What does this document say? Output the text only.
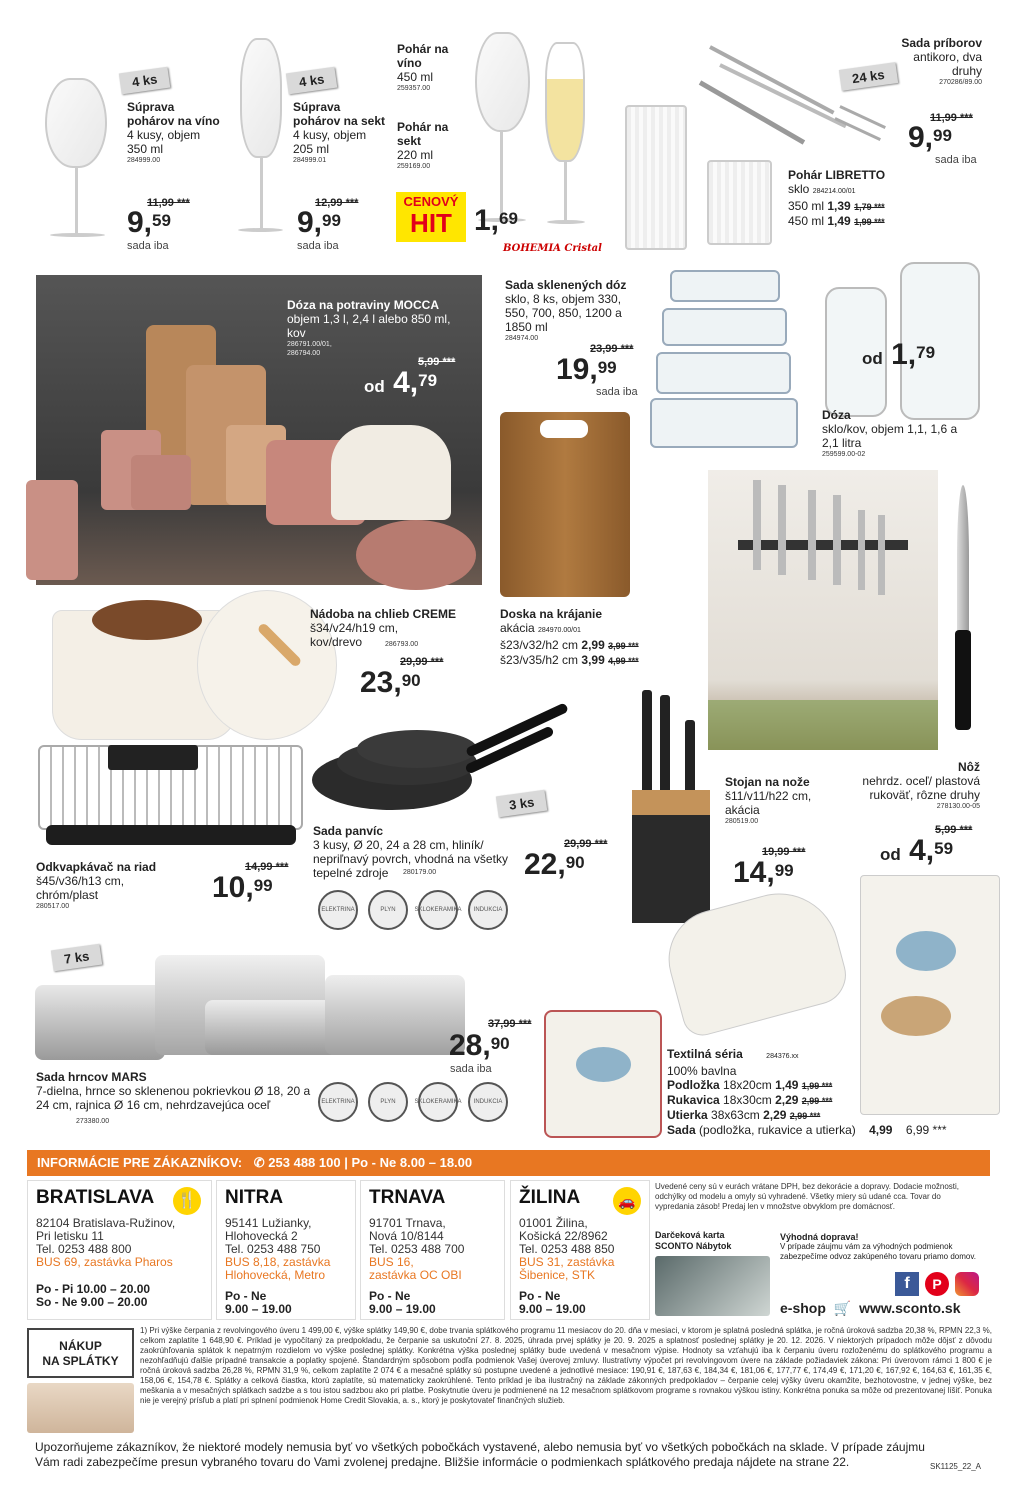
4 ks
Súprava pohárov na víno
4 kusy, objem 350 ml
284999.00
11,99 ***
9,59
sada iba
4 ks
Súprava pohárov na sekt
4 kusy, objem 205 ml
284999.01
12,99 ***
9,99
sada iba
Pohár na víno
450 ml
259357.00
Pohár na sekt
220 ml
259169.00
CENOVÝ
HIT 1,69
BOHEMIA Cristal
24 ks
Sada príborov
antikoro, dva druhy
270286/89.00
11,99 ***
9,99
sada iba
Pohár LIBRETTO
sklo 284214.00/01
350 ml 1,39 1,79 ***
450 ml 1,49 1,99 ***
Dóza na potraviny MOCCA
objem 1,3 l, 2,4 l alebo 850 ml, kov
286791.00/01,
286794.00
5,99 ***
od 4,79
Sada sklenených dóz
sklo, 8 ks, objem 330, 550, 700, 850, 1200 a 1850 ml
284974.00
23,99 ***
19,99
sada iba
od 1,79
Dóza
sklo/kov, objem 1,1, 1,6 a 2,1 litra
259599.00-02
Doska na krájanie
akácia 284970.00/01
š23/v32/h2 cm 2,99 3,99 ***
š23/v35/h2 cm 3,99 4,99 ***
Nôž
nehrdz. oceľ/ plastová rukoväť, rôzne druhy
278130.00-05
5,99 ***
od 4,59
Stojan na nože
š11/v11/h22 cm, akácia
280519.00
19,99 ***
14,99
Nádoba na chlieb CREME
š34/v24/h19 cm, kov/drevo	286793.00
29,99 ***
23,90
Odkvapkávač na riad
š45/v36/h13 cm, chróm/plast
280517.00
14,99 ***
10,99
3 ks
Sada panvíc
3 kusy, Ø 20, 24 a 28 cm, hliník/ nepriľnavý povrch, vhodná na všetky tepelné zdroje	280179.00
29,99 ***
22,90
ELEKTRINA	PLYN	SKLOKERAMIKA	INDUKCIA
7 ks
37,99 ***
28,90
sada iba
Sada hrncov MARS
7-dielna, hrnce so sklenenou pokrievkou Ø 18, 20 a 24 cm, rajnica Ø 16 cm, nehrdzavejúca oceľ
273380.00
ELEKTRINA	PLYN	SKLOKERAMIKA	INDUKCIA
Textilná séria	284376.xx
100% bavlna
Podložka 18x20cm 1,49 1,99 ***
Rukavica 18x30cm 2,29 2,99 ***
Utierka 38x63cm 2,29 2,99 ***
Sada (podložka, rukavice a utierka) 4,99 6,99 ***
INFORMÁCIE PRE ZÁKAZNÍKOV: ✆ 253 488 100 | Po - Ne 8.00 – 18.00
BRATISLAVA	🍴
82104 Bratislava-Ružinov,
Pri letisku 11
Tel. 0253 488 800
BUS 69, zastávka Pharos
Po - Pi 10.00 – 20.00
So - Ne 9.00 – 20.00
NITRA
95141 Lužianky,
Hlohovecká 2
Tel. 0253 488 750
BUS 8,18, zastávka
Hlohovecká, Metro
Po - Ne
9.00 – 19.00
TRNAVA
91701 Trnava,
Nová 10/8144
Tel. 0253 488 700
BUS 16,
zastávka OC OBI
Po - Ne
9.00 – 19.00
ŽILINA	🚗
01001 Žilina,
Košická 22/8962
Tel. 0253 488 850
BUS 31, zastávka
Šibenice, STK
Po - Ne
9.00 – 19.00
Uvedené ceny sú v eurách vrátane DPH, bez dekorácie a dopravy. Dodacie možnosti, odchýlky od modelu a omyly sú vyhradené. Všetky miery sú udané cca. Tovar do vypredania zásob! Predaj len v množstve obvyklom pre domácnosť.
Darčeková karta
SCONTO Nábytok
Výhodná doprava!
V prípade záujmu vám za výhodných podmienok zabezpečíme odvoz zakúpeného tovaru priamo domov.
f	P
e-shop 🛒 www.sconto.sk
NÁKUP
NA SPLÁTKY
1) Pri výške čerpania z revolvingového úveru 1 499,00 €, výške splátky 149,90 €, dobe trvania splátkového programu 11 mesiacov do 20. dňa v mesiaci, v ktorom je splatná posledná splátka, je ročná úroková sadzba 20,38 %, RPMN 22,3 %, celkom zaplatíte 1 648,90 €. Príklad je vypočítaný za predpokladu, že čerpanie sa uskutoční 27. 8. 2025, úhrada prvej splátky je 20. 9. 2025 a splatnosť poslednej splátky je 20. 12. 2026. V niektorých prípadoch môže dôjsť z dôvodu zaokrúhľovania splátok k nepatrným rozdielom vo výške poslednej splátky. Konkrétna výška poslednej splátky bude uvedená v mesačnom výpise. Hodnoty sa vzťahujú iba k čerpaniu úveru rozloženému do splátkového programu a nezohľadňujú ďalšie prípadné transakcie a poplatky spojené. Štandardným spôsobom podľa podmienok Vašej úverovej zmluvy. Ilustratívny výpočet pri revolvingovom úvere na základe požiadaviek zákona: Pri úverovom rámci 1 800 € je ročná úroková sadzba 26,28 %, RPMN 31,9 %, celkom zaplatíte 2 074 € a mesačné splátky sú postupne uvedené a jednotlivé mesiace: 190,91 €, 187,63 €, 184,34 €, 181,06 €, 177,77 €, 174,49 €, 171,20 €, 167,92 €, 164,63 €, 161,35 €, 158,06 €, 154,78 €. Splátky a celková čiastka, ktorú zaplatíte, sú matematicky zaokrúhlené. Tento príklad je iba ilustračný na základe zákonných predpokladov – čerpanie celej výšky úveru okamžite, bezhotovostne, v jednej výške, bez meškania a v mesačných splátkach sadzbe a s tou istou sadzbou ako pri platbe. Poskytnutie úveru je podmienené na 12 mesačnom splátkovom programe s rovnakou výškou istiny. Konkrétna ponuka sa môže od prezentovanej líšiť. Ponuka nie je verejný prísľub a platí pri splnení podmienok Home Credit Slovakia, a. s., ktorý je poskytovateľ finančných služieb.
Upozorňujeme zákazníkov, že niektoré modely nemusia byť vo všetkých pobočkách vystavené, alebo nemusia byť vo všetkých pobočkách na sklade. V prípade záujmu Vám radi zabezpečíme presun vybraného tovaru do Vami zvolenej predajne. Bližšie informácie o podmienkach splátkového predaja nájdete na strane 22.	SK1125_22_A
